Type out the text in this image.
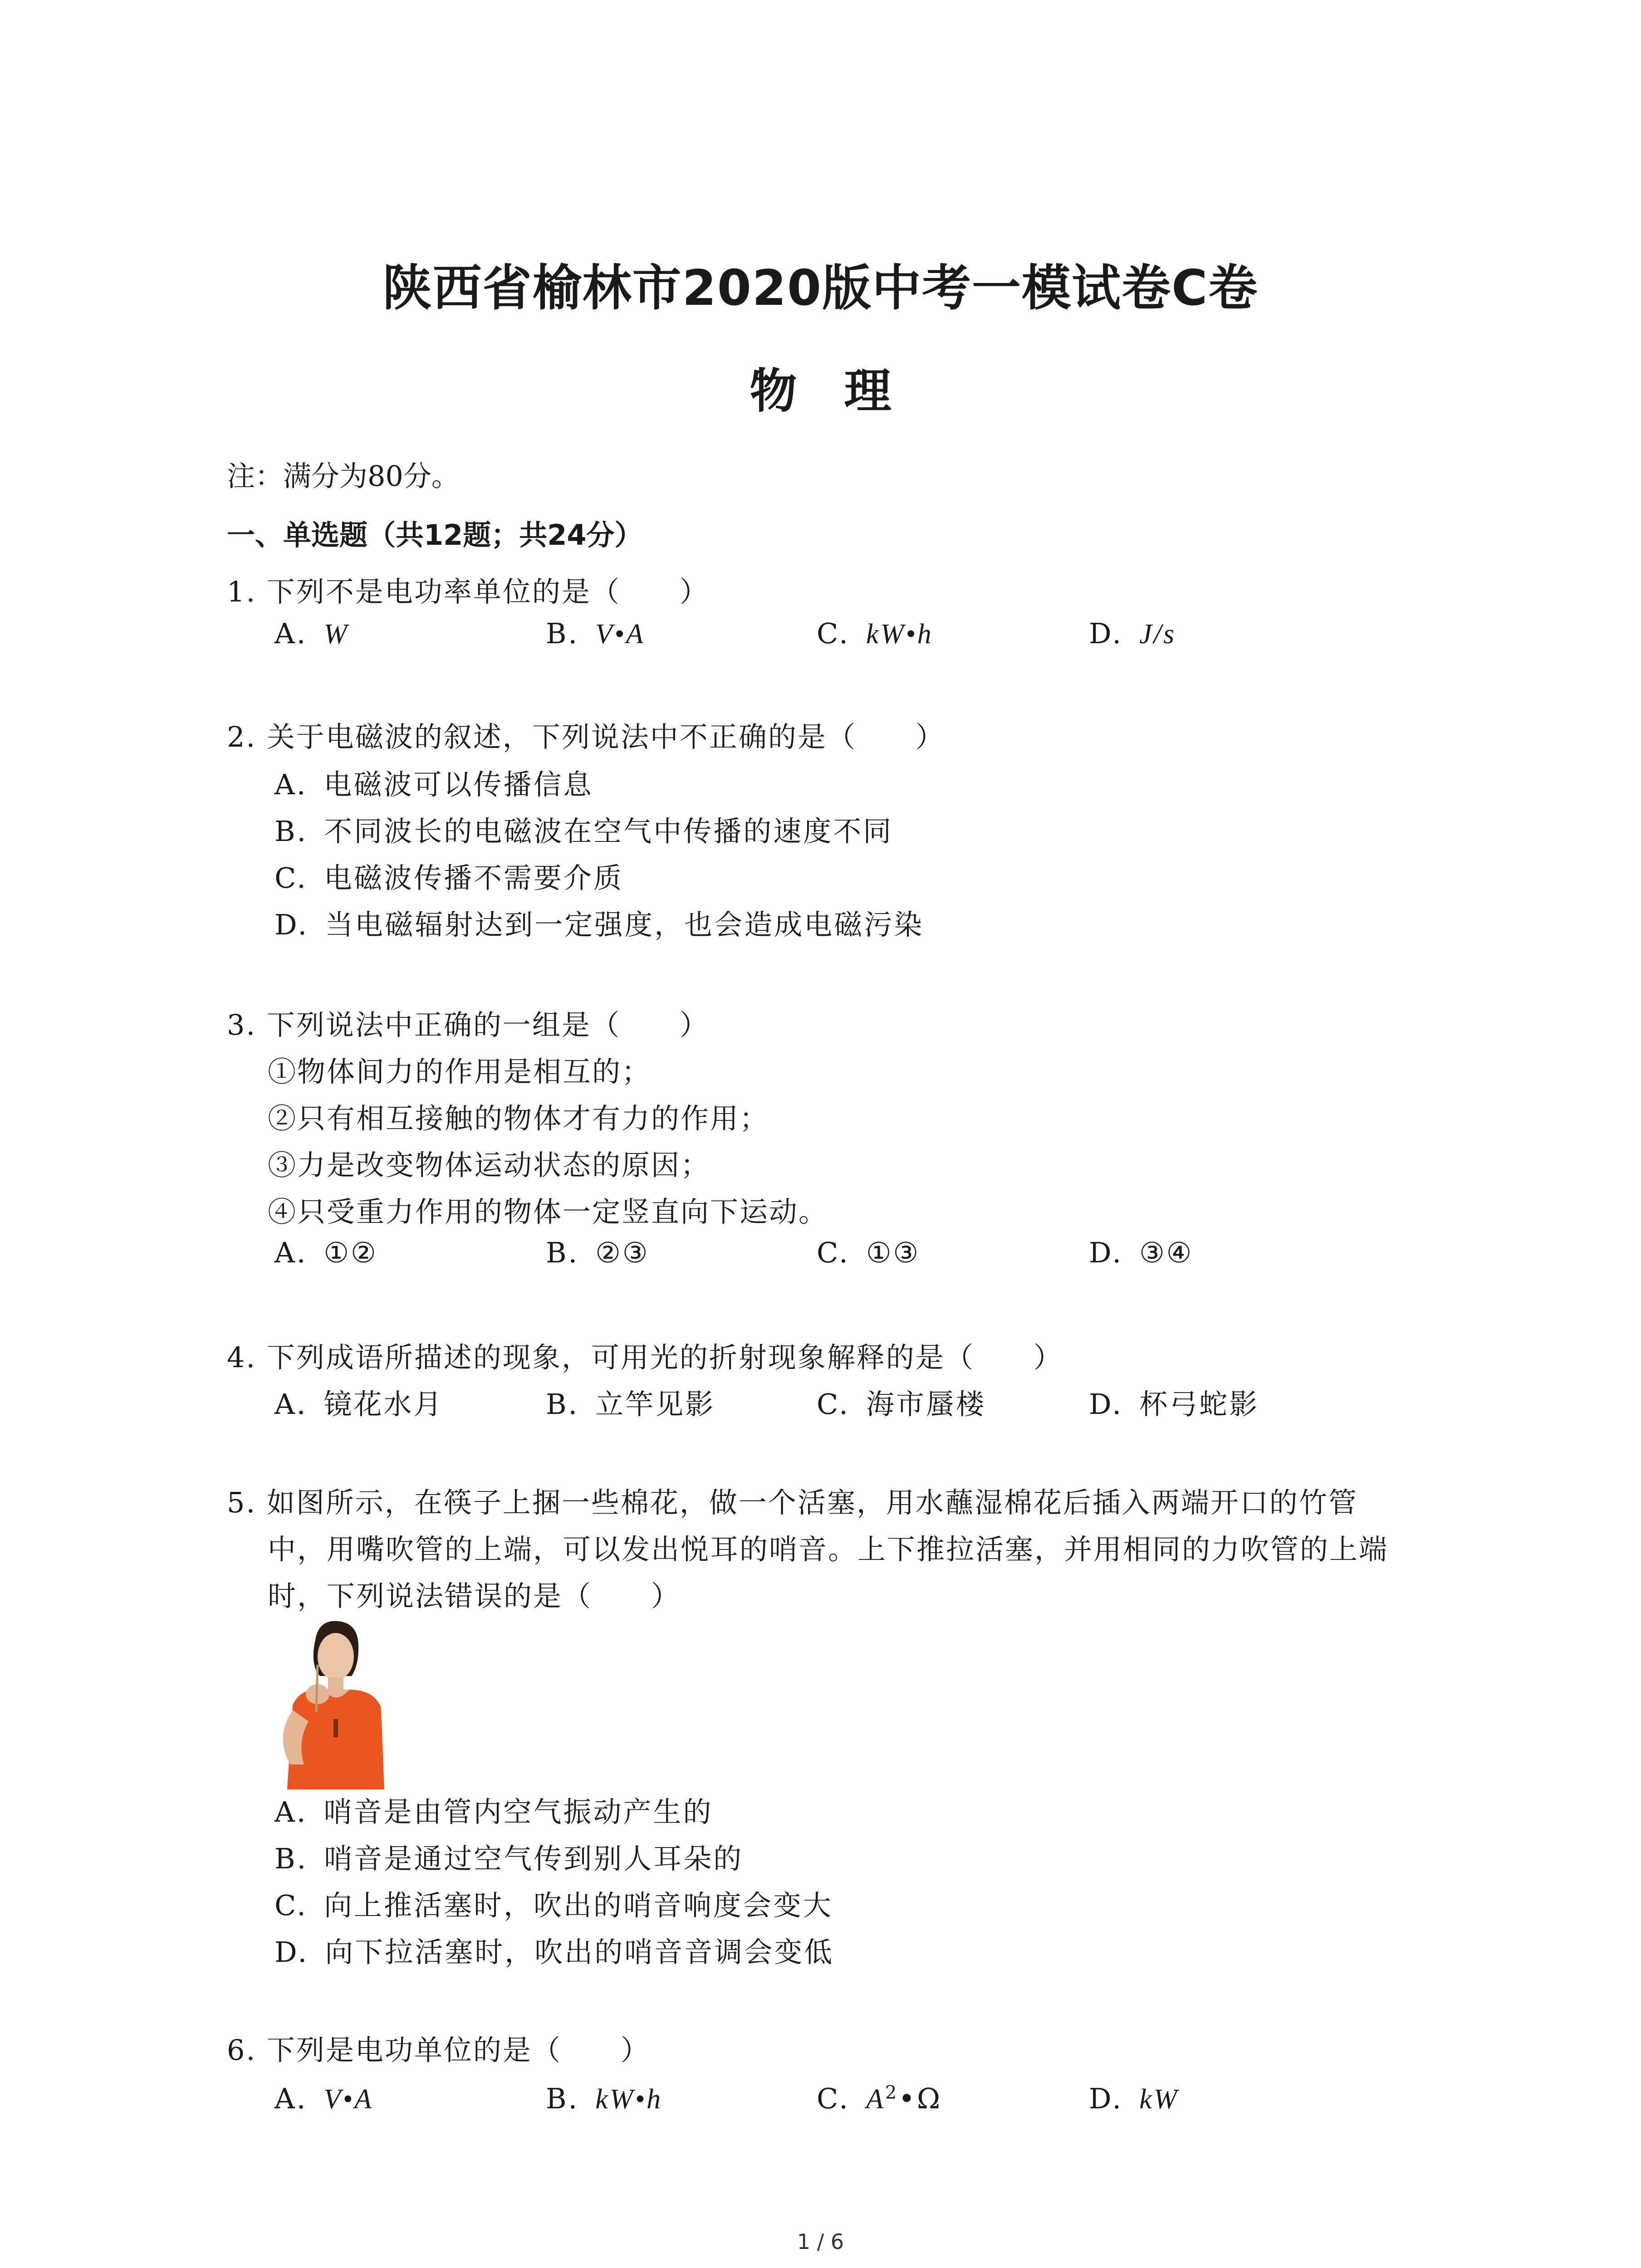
陕西省榆林市2020版中考一模试卷C卷
物　理
注：满分为80分。
一、单选题（共12题；共24分）
1. 下列不是电功率单位的是（　　）
A. W	B. V•A	C. kW•h	D. J/s
2. 关于电磁波的叙述，下列说法中不正确的是（　　）
A. 电磁波可以传播信息
B. 不同波长的电磁波在空气中传播的速度不同
C. 电磁波传播不需要介质
D. 当电磁辐射达到一定强度，也会造成电磁污染
3. 下列说法中正确的一组是（　　）
①物体间力的作用是相互的；
②只有相互接触的物体才有力的作用；
③力是改变物体运动状态的原因；
④只受重力作用的物体一定竖直向下运动。
A. ①②	B. ②③	C. ①③	D. ③④
4. 下列成语所描述的现象，可用光的折射现象解释的是（　　）
A. 镜花水月	B. 立竿见影	C. 海市蜃楼	D. 杯弓蛇影
5. 如图所示，在筷子上捆一些棉花，做一个活塞，用水蘸湿棉花后插入两端开口的竹管
中，用嘴吹管的上端，可以发出悦耳的哨音。上下推拉活塞，并用相同的力吹管的上端
时，下列说法错误的是（　　）
A. 哨音是由管内空气振动产生的
B. 哨音是通过空气传到别人耳朵的
C. 向上推活塞时，吹出的哨音响度会变大
D. 向下拉活塞时，吹出的哨音音调会变低
6. 下列是电功单位的是（　　）
A. V•A	B. kW•h	C. $A^2•\Omega$	D. kW
1 / 6
